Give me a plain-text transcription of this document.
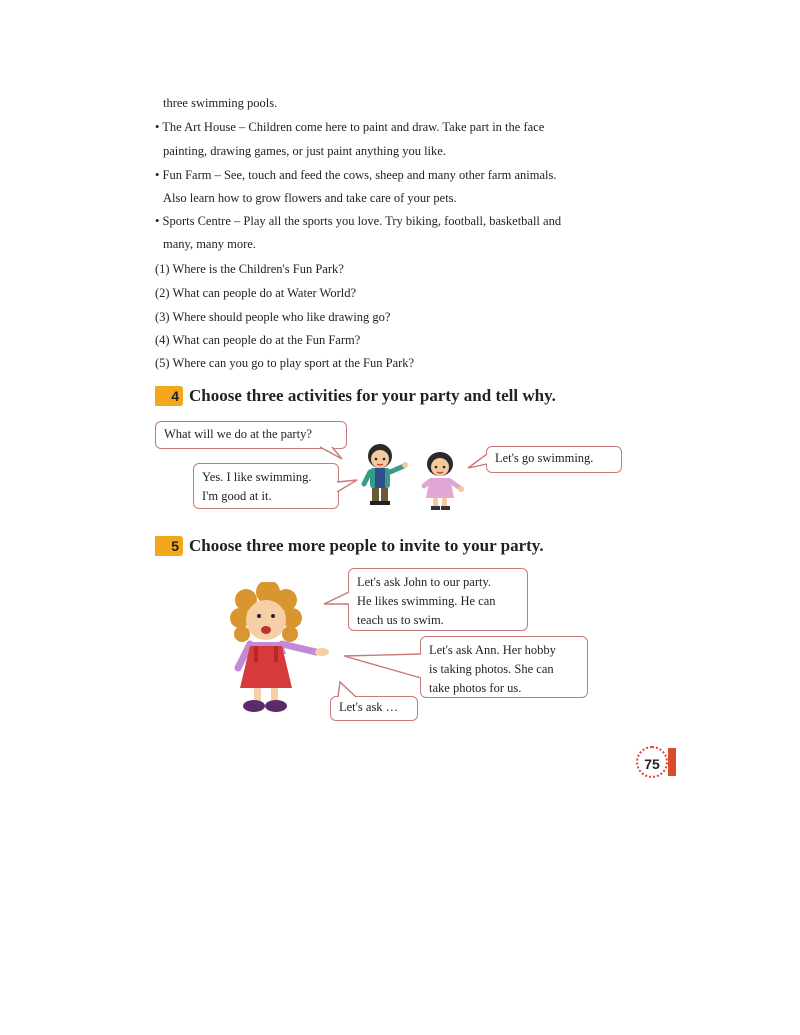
three swimming pools.
• The Art House – Children come here to paint and draw. Take part in the face
painting, drawing games, or just paint anything you like.
• Fun Farm – See, touch and feed the cows, sheep and many other farm animals.
Also learn how to grow flowers and take care of your pets.
• Sports Centre – Play all the sports you love. Try biking, football, basketball and
many, many more.
(1) Where is the Children's Fun Park?
(2) What can people do at Water World?
(3) Where should people who like drawing go?
(4) What can people do at the Fun Farm?
(5) Where can you go to play sport at the Fun Park?
4 Choose three activities for your party and tell why.
What will we do at the party?
Yes. I like swimming.
I'm good at it.
Let's go swimming.
5 Choose three more people to invite to your party.
Let's ask John to our party.
He likes swimming. He can
teach us to swim.
Let's ask Ann. Her hobby
is taking photos. She can
take photos for us.
Let's ask …
75
